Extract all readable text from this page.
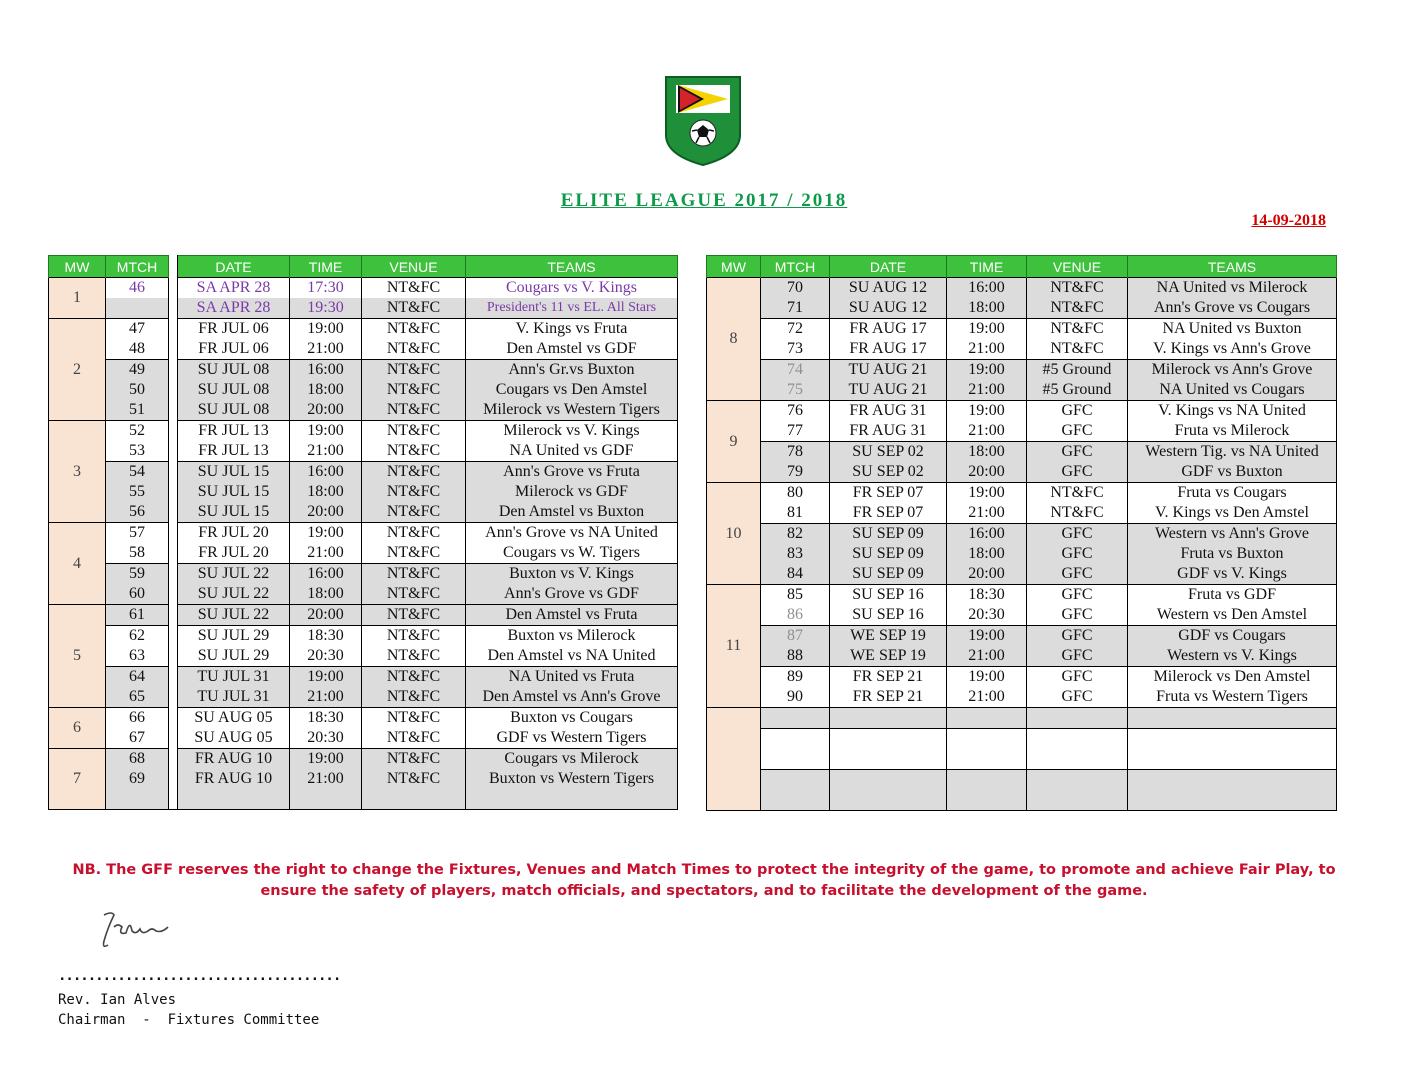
ELITE LEAGUE 2017 / 2018
14-09-2018
MW	MTCH		DATE	TIME	VENUE	TEAMS
1	46		SA APR 28	17:30	NT&FC	Cougars vs V. Kings
			SA APR 28	19:30	NT&FC	President's 11 vs EL. All Stars
2	47		FR JUL 06	19:00	NT&FC	V. Kings vs Fruta
	48		FR JUL 06	21:00	NT&FC	Den Amstel vs GDF
	49		SU JUL 08	16:00	NT&FC	Ann's Gr.vs Buxton
	50		SU JUL 08	18:00	NT&FC	Cougars vs Den Amstel
	51		SU JUL 08	20:00	NT&FC	Milerock vs Western Tigers
3	52		FR JUL 13	19:00	NT&FC	Milerock vs V. Kings
	53		FR JUL 13	21:00	NT&FC	NA United vs GDF
	54		SU JUL 15	16:00	NT&FC	Ann's Grove vs Fruta
	55		SU JUL 15	18:00	NT&FC	Milerock vs GDF
	56		SU JUL 15	20:00	NT&FC	Den Amstel vs Buxton
4	57		FR JUL 20	19:00	NT&FC	Ann's Grove vs NA United
	58		FR JUL 20	21:00	NT&FC	Cougars vs W. Tigers
	59		SU JUL 22	16:00	NT&FC	Buxton vs V. Kings
	60		SU JUL 22	18:00	NT&FC	Ann's Grove vs GDF
5	61		SU JUL 22	20:00	NT&FC	Den Amstel vs Fruta
	62		SU JUL 29	18:30	NT&FC	Buxton vs Milerock
	63		SU JUL 29	20:30	NT&FC	Den Amstel vs NA United
	64		TU JUL 31	19:00	NT&FC	NA United vs Fruta
	65		TU JUL 31	21:00	NT&FC	Den Amstel vs Ann's Grove
6	66		SU AUG 05	18:30	NT&FC	Buxton vs Cougars
	67		SU AUG 05	20:30	NT&FC	GDF vs Western Tigers
7	68		FR AUG 10	19:00	NT&FC	Cougars vs Milerock
	69		FR AUG 10	21:00	NT&FC	Buxton vs Western Tigers

MW	MTCH	DATE	TIME	VENUE	TEAMS
8	70	SU AUG 12	16:00	NT&FC	NA United vs Milerock
	71	SU AUG 12	18:00	NT&FC	Ann's Grove vs Cougars
	72	FR AUG 17	19:00	NT&FC	NA United vs Buxton
	73	FR AUG 17	21:00	NT&FC	V. Kings vs Ann's Grove
	74	TU AUG 21	19:00	#5 Ground	Milerock vs Ann's Grove
	75	TU AUG 21	21:00	#5 Ground	NA United vs Cougars
9	76	FR AUG 31	19:00	GFC	V. Kings vs NA United
	77	FR AUG 31	21:00	GFC	Fruta vs Milerock
	78	SU SEP 02	18:00	GFC	Western Tig. vs NA United
	79	SU SEP 02	20:00	GFC	GDF vs Buxton
10	80	FR SEP 07	19:00	NT&FC	Fruta vs Cougars
	81	FR SEP 07	21:00	NT&FC	V. Kings vs Den Amstel
	82	SU SEP 09	16:00	GFC	Western vs Ann's Grove
	83	SU SEP 09	18:00	GFC	Fruta vs Buxton
	84	SU SEP 09	20:00	GFC	GDF vs V. Kings
11	85	SU SEP 16	18:30	GFC	Fruta vs GDF
	86	SU SEP 16	20:30	GFC	Western vs Den Amstel
	87	WE SEP 19	19:00	GFC	GDF vs Cougars
	88	WE SEP 19	21:00	GFC	Western vs V. Kings
	89	FR SEP 21	19:00	GFC	Milerock vs Den Amstel
	90	FR SEP 21	21:00	GFC	Fruta vs Western Tigers

NB. The GFF reserves the right to change the Fixtures, Venues and Match Times to protect the integrity of the game, to promote and achieve Fair Play, to ensure the safety of players, match officials, and spectators, and to facilitate the development of the game.
......................................
Rev. Ian Alves
Chairman  -  Fixtures Committee
